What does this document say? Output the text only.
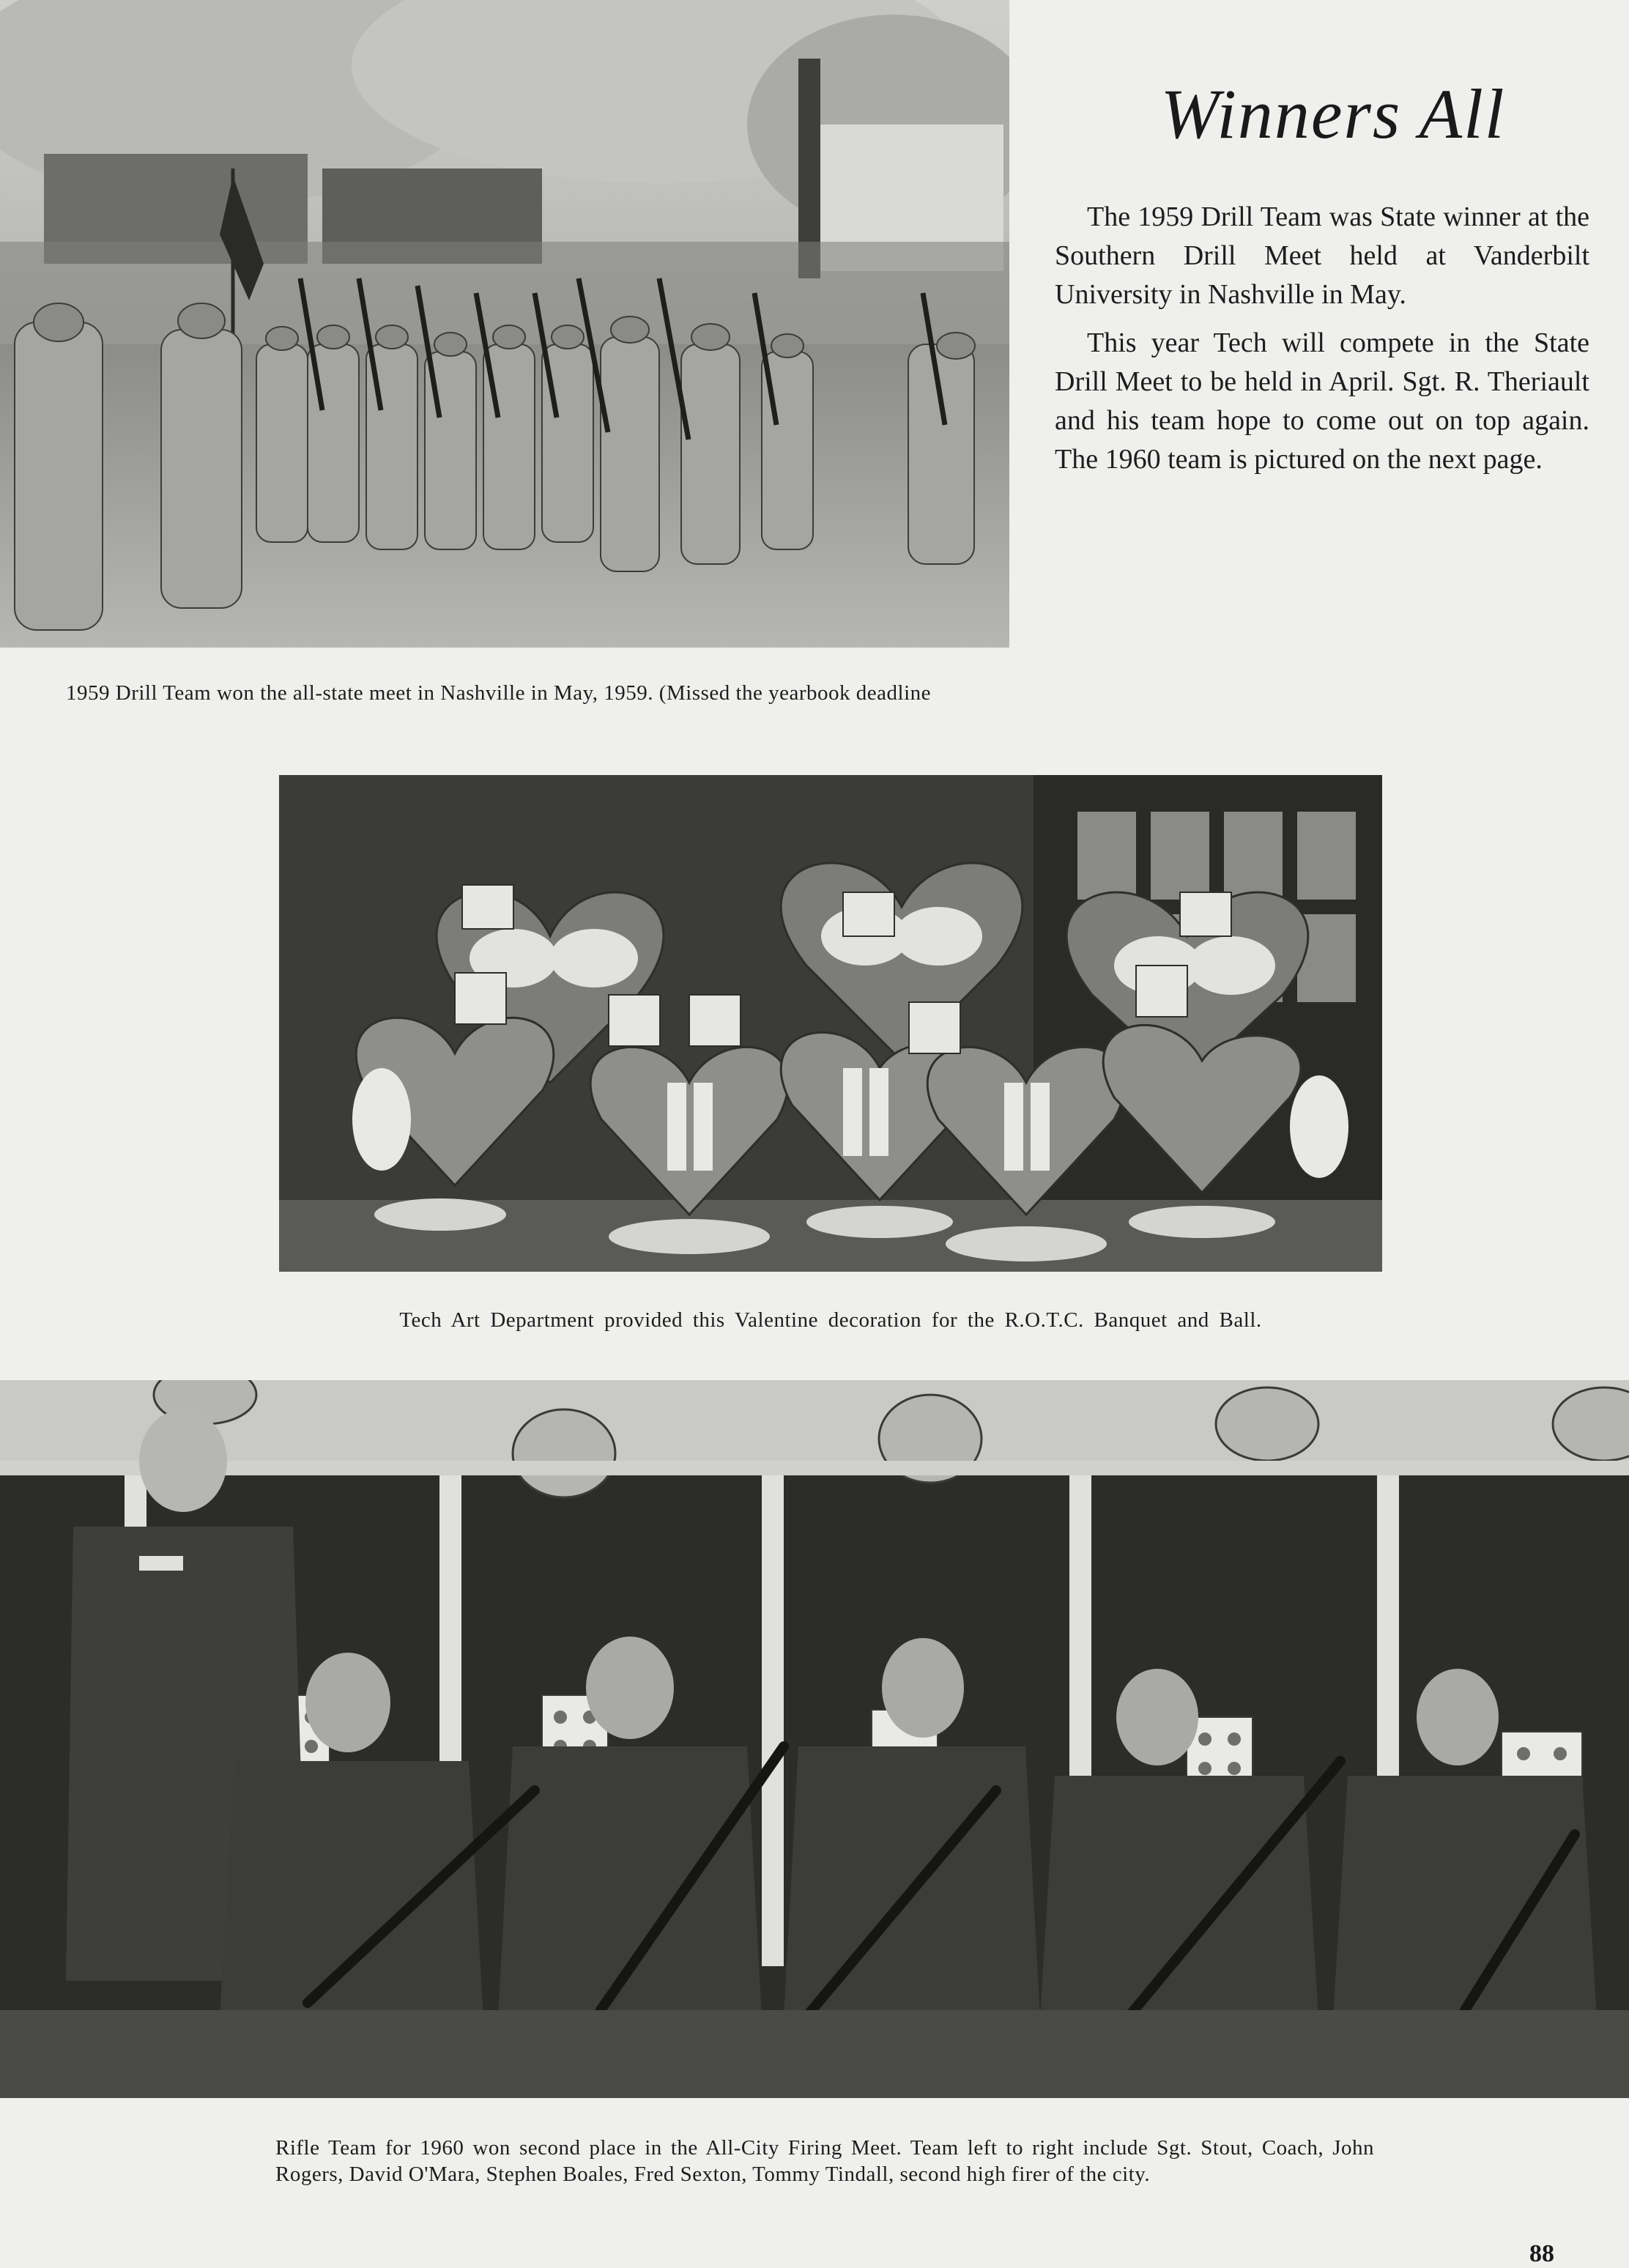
Winners All

The 1959 Drill Team was State winner at the Southern Drill Meet held at Vanderbilt University in Nashville in May.

This year Tech will compete in the State Drill Meet to be held in April. Sgt. R. Theriault and his team hope to come out on top again. The 1960 team is pictured on the next page.

1959 Drill Team won the all-state meet in Nashville in May, 1959. (Missed the yearbook deadline

Tech Art Department provided this Valentine decoration for the R.O.T.C. Banquet and Ball.

Rifle Team for 1960 won second place in the All-City Firing Meet. Team left to right include Sgt. Stout, Coach, John Rogers, David O'Mara, Stephen Boales, Fred Sexton, Tommy Tindall, second high firer of the city.

88
